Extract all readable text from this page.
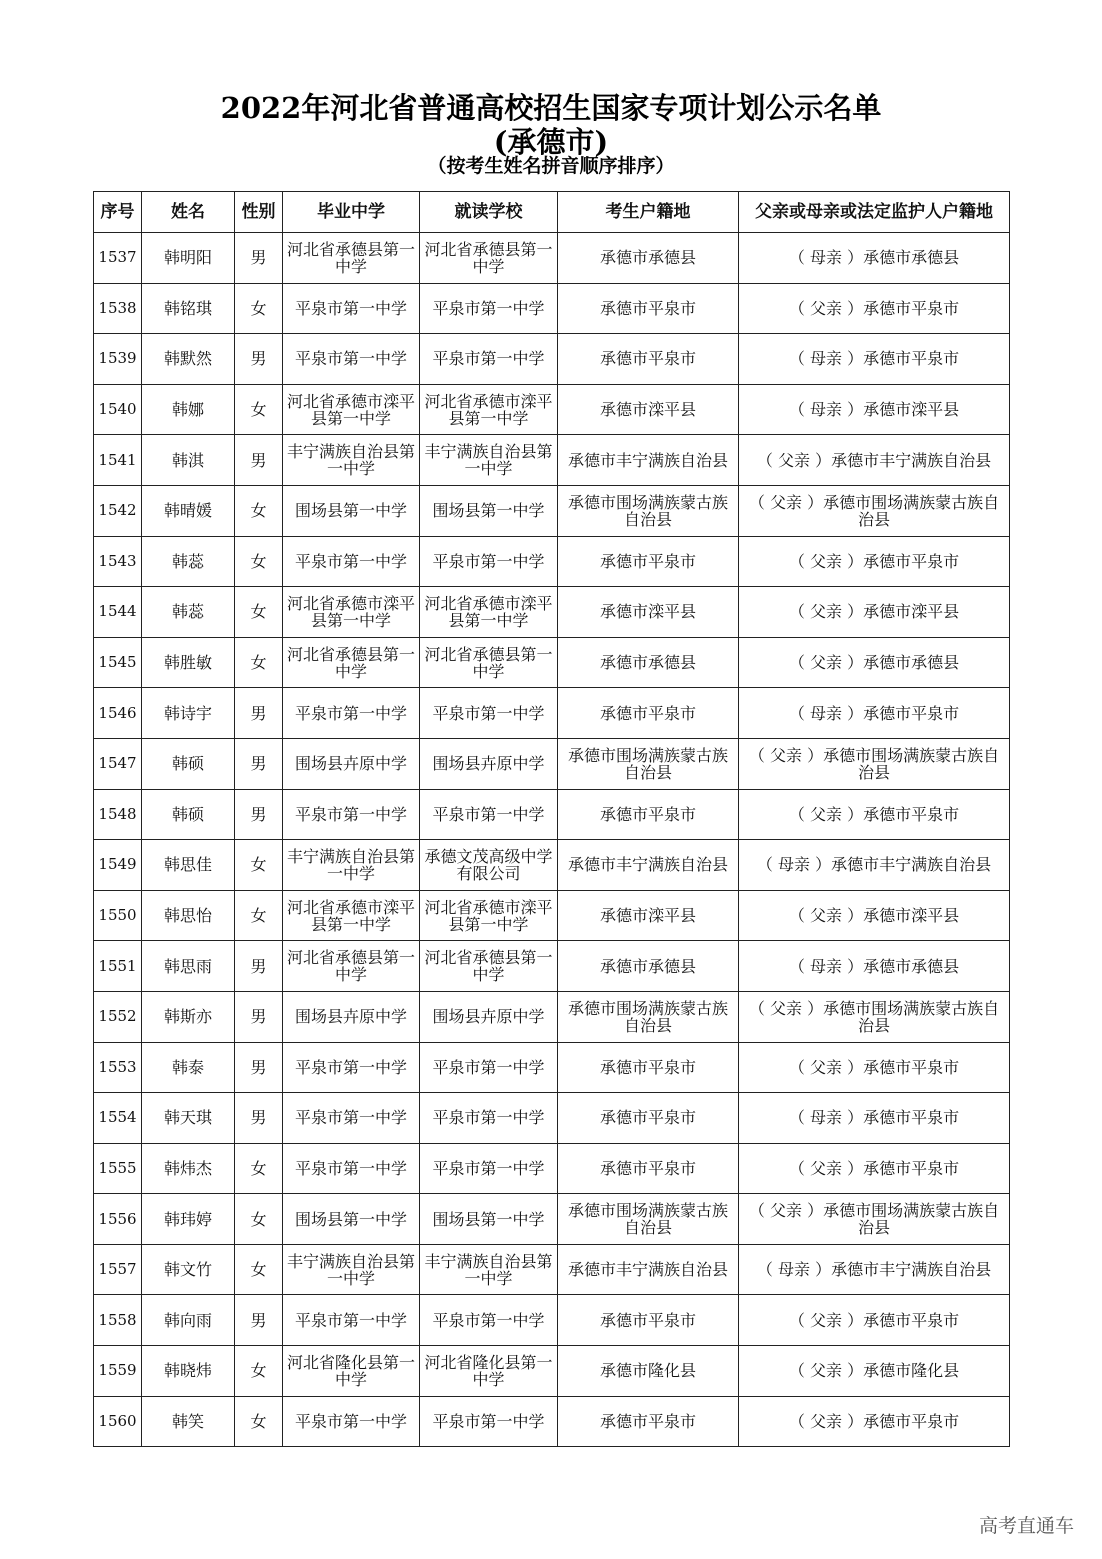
2022年河北省普通高校招生国家专项计划公示名单
(承德市)
（按考生姓名拼音顺序排序）
序号	姓名	性别	毕业中学	就读学校	考生户籍地	父亲或母亲或法定监护人户籍地
1537	韩明阳	男	河北省承德县第一中学	河北省承德县第一中学	承德市承德县	（ 母亲 ）承德市承德县
1538	韩铭琪	女	平泉市第一中学	平泉市第一中学	承德市平泉市	（ 父亲 ）承德市平泉市
1539	韩默然	男	平泉市第一中学	平泉市第一中学	承德市平泉市	（ 母亲 ）承德市平泉市
1540	韩娜	女	河北省承德市滦平县第一中学	河北省承德市滦平县第一中学	承德市滦平县	（ 母亲 ）承德市滦平县
1541	韩淇	男	丰宁满族自治县第一中学	丰宁满族自治县第一中学	承德市丰宁满族自治县	（ 父亲 ）承德市丰宁满族自治县
1542	韩晴媛	女	围场县第一中学	围场县第一中学	承德市围场满族蒙古族自治县	（ 父亲 ）承德市围场满族蒙古族自治县
1543	韩蕊	女	平泉市第一中学	平泉市第一中学	承德市平泉市	（ 父亲 ）承德市平泉市
1544	韩蕊	女	河北省承德市滦平县第一中学	河北省承德市滦平县第一中学	承德市滦平县	（ 父亲 ）承德市滦平县
1545	韩胜敏	女	河北省承德县第一中学	河北省承德县第一中学	承德市承德县	（ 父亲 ）承德市承德县
1546	韩诗宇	男	平泉市第一中学	平泉市第一中学	承德市平泉市	（ 母亲 ）承德市平泉市
1547	韩硕	男	围场县卉原中学	围场县卉原中学	承德市围场满族蒙古族自治县	（ 父亲 ）承德市围场满族蒙古族自治县
1548	韩硕	男	平泉市第一中学	平泉市第一中学	承德市平泉市	（ 父亲 ）承德市平泉市
1549	韩思佳	女	丰宁满族自治县第一中学	承德文茂高级中学有限公司	承德市丰宁满族自治县	（ 母亲 ）承德市丰宁满族自治县
1550	韩思怡	女	河北省承德市滦平县第一中学	河北省承德市滦平县第一中学	承德市滦平县	（ 父亲 ）承德市滦平县
1551	韩思雨	男	河北省承德县第一中学	河北省承德县第一中学	承德市承德县	（ 母亲 ）承德市承德县
1552	韩斯亦	男	围场县卉原中学	围场县卉原中学	承德市围场满族蒙古族自治县	（ 父亲 ）承德市围场满族蒙古族自治县
1553	韩泰	男	平泉市第一中学	平泉市第一中学	承德市平泉市	（ 父亲 ）承德市平泉市
1554	韩天琪	男	平泉市第一中学	平泉市第一中学	承德市平泉市	（ 母亲 ）承德市平泉市
1555	韩炜杰	女	平泉市第一中学	平泉市第一中学	承德市平泉市	（ 父亲 ）承德市平泉市
1556	韩玮婷	女	围场县第一中学	围场县第一中学	承德市围场满族蒙古族自治县	（ 父亲 ）承德市围场满族蒙古族自治县
1557	韩文竹	女	丰宁满族自治县第一中学	丰宁满族自治县第一中学	承德市丰宁满族自治县	（ 母亲 ）承德市丰宁满族自治县
1558	韩向雨	男	平泉市第一中学	平泉市第一中学	承德市平泉市	（ 父亲 ）承德市平泉市
1559	韩晓炜	女	河北省隆化县第一中学	河北省隆化县第一中学	承德市隆化县	（ 父亲 ）承德市隆化县
1560	韩笑	女	平泉市第一中学	平泉市第一中学	承德市平泉市	（ 父亲 ）承德市平泉市
高考直通车
